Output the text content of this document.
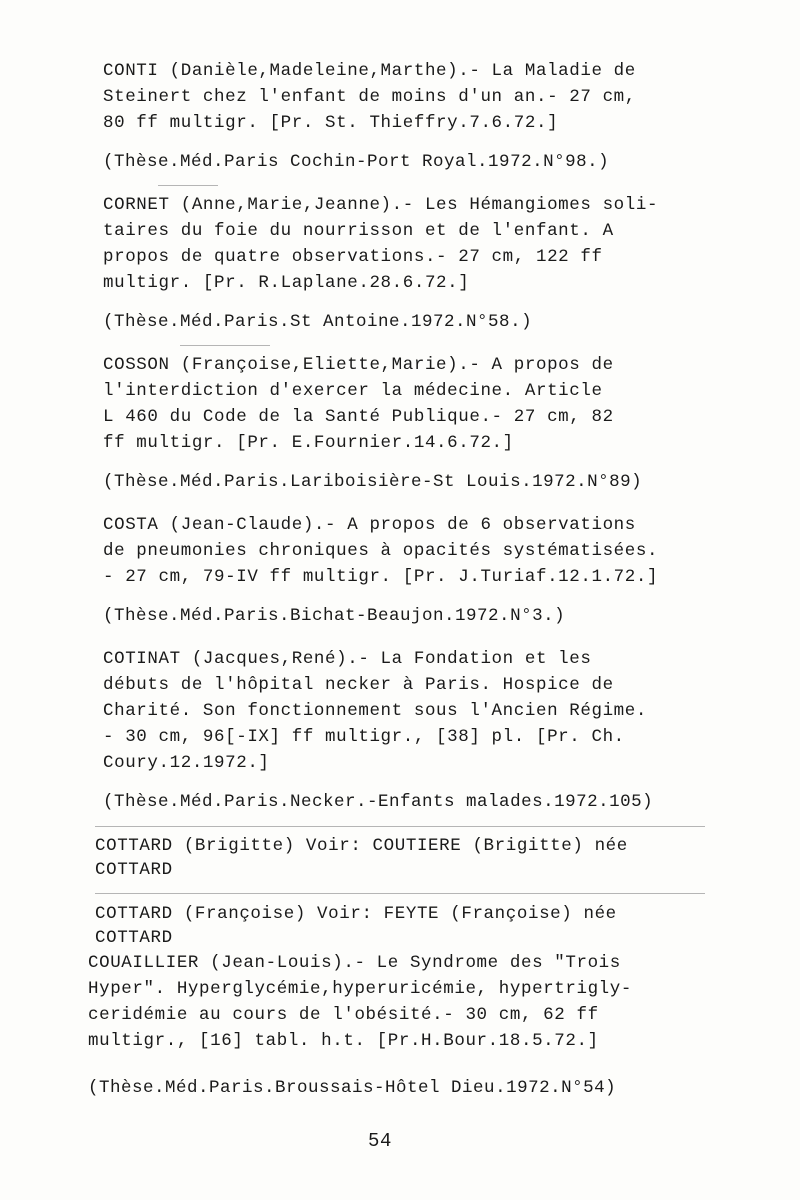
CONTI (Danièle,Madeleine,Marthe).- La Maladie de
Steinert chez l'enfant de moins d'un an.- 27 cm,
80 ff multigr. [Pr. St. Thieffry.7.6.72.]
(Thèse.Méd.Paris Cochin-Port Royal.1972.N°98.)
CORNET (Anne,Marie,Jeanne).- Les Hémangiomes soli-
taires du foie du nourrisson et de l'enfant. A
propos de quatre observations.- 27 cm, 122 ff
multigr. [Pr. R.Laplane.28.6.72.]
(Thèse.Méd.Paris.St Antoine.1972.N°58.)
COSSON (Françoise,Eliette,Marie).- A propos de
l'interdiction d'exercer la médecine. Article
L 460 du Code de la Santé Publique.- 27 cm, 82
ff multigr. [Pr. E.Fournier.14.6.72.]
(Thèse.Méd.Paris.Lariboisière-St Louis.1972.N°89)
COSTA (Jean-Claude).- A propos de 6 observations
de pneumonies chroniques à opacités systématisées.
- 27 cm, 79-IV ff multigr. [Pr. J.Turiaf.12.1.72.]
(Thèse.Méd.Paris.Bichat-Beaujon.1972.N°3.)
COTINAT (Jacques,René).- La Fondation et les
débuts de l'hôpital necker à Paris. Hospice de
Charité. Son fonctionnement sous l'Ancien Régime.
- 30 cm, 96[-IX] ff multigr., [38] pl. [Pr. Ch.
Coury.12.1972.]
(Thèse.Méd.Paris.Necker.-Enfants malades.1972.105)
COTTARD (Brigitte) Voir: COUTIERE (Brigitte) née
COTTARD
COTTARD (Françoise) Voir: FEYTE (Françoise) née
COTTARD
COUAILLIER (Jean-Louis).- Le Syndrome des "Trois
Hyper". Hyperglycémie,hyperuricémie, hypertrigly-
ceridémie au cours de l'obésité.- 30 cm, 62 ff
multigr., [16] tabl. h.t. [Pr.H.Bour.18.5.72.]
(Thèse.Méd.Paris.Broussais-Hôtel Dieu.1972.N°54)
54
